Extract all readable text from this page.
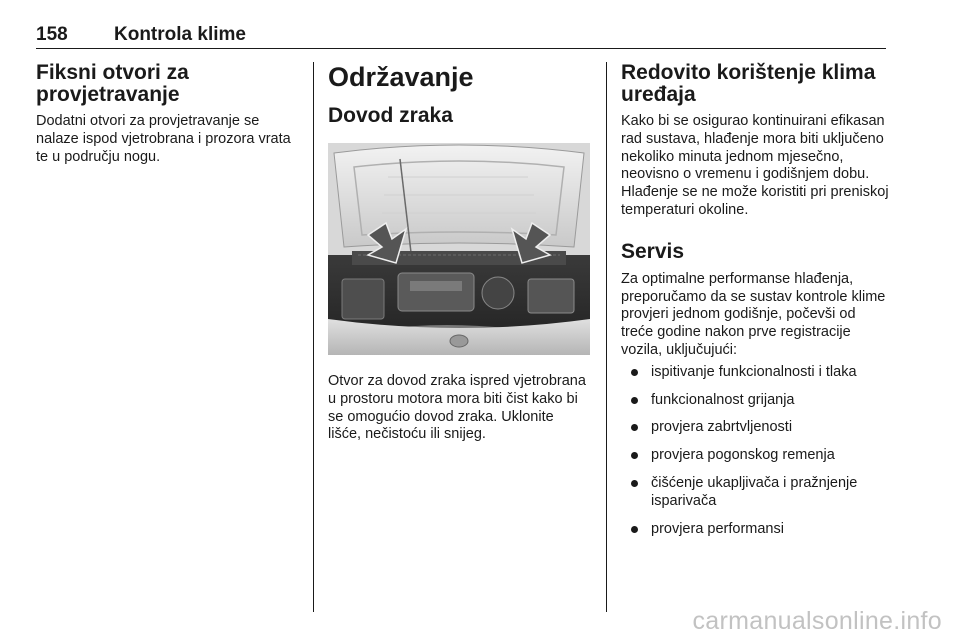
158 Kontrola klime
Fiksni otvori za provjetravanje

Dodatni otvori za provjetravanje se nalaze ispod vjetrobrana i prozora vrata te u području nogu.

Održavanje
Dovod zraka

Otvor za dovod zraka ispred vjetrobrana u prostoru motora mora biti čist kako bi se omogućio dovod zraka. Uklonite lišće, nečistoću ili snijeg.

Redovito korištenje klima uređaja

Kako bi se osigurao kontinuirani efikasan rad sustava, hlađenje mora biti uključeno nekoliko minuta jednom mjesečno, neovisno o vremenu i godišnjem dobu. Hlađenje se ne može koristiti pri preniskoj temperaturi okoline.

Servis

Za optimalne performanse hlađenja, preporučamo da se sustav kontrole klime provjeri jednom godišnje, počevši od treće godine nakon prve registracije vozila, uključujući:

ispitivanje funkcionalnosti i tlaka
funkcionalnost grijanja
provjera zabrtvljenosti
provjera pogonskog remenja
čišćenje ukapljivača i pražnjenje isparivača
provjera performansi
carmanualsonline.info
